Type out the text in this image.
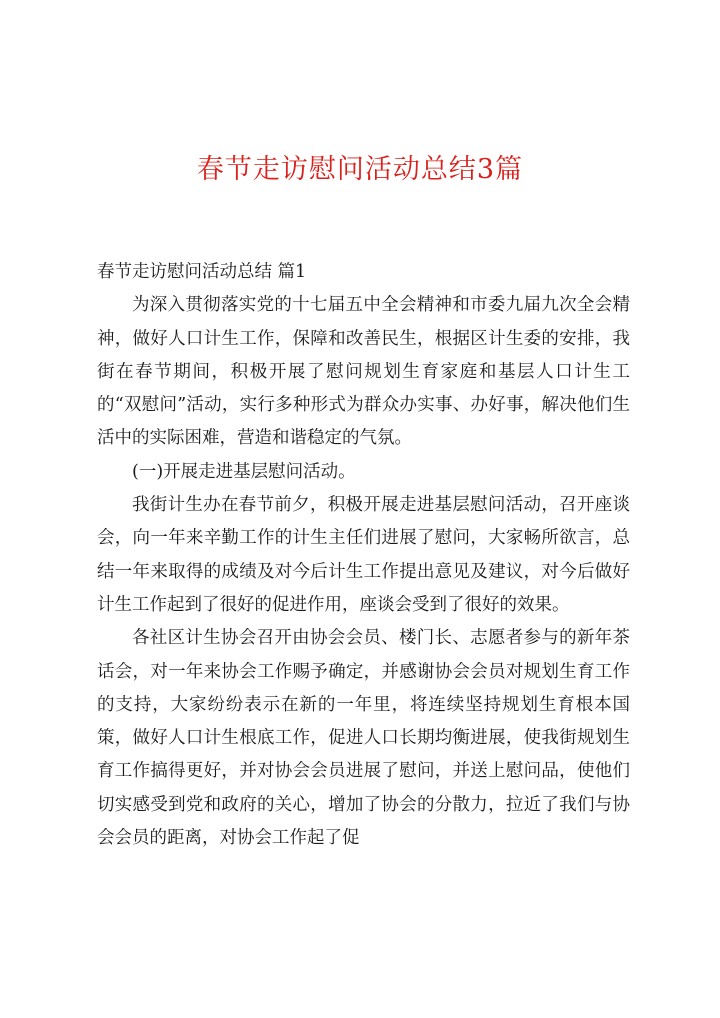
春节走访慰问活动总结3篇

春节走访慰问活动总结 篇1

为深入贯彻落实党的十七届五中全会精神和市委九届九次全会精神，做好人口计生工作，保障和改善民生，根据区计生委的安排，我街在春节期间，积极开展了慰问规划生育家庭和基层人口计生工的“双慰问”活动，实行多种形式为群众办实事、办好事，解决他们生活中的实际困难，营造和谐稳定的气氛。

(一)开展走进基层慰问活动。

我街计生办在春节前夕，积极开展走进基层慰问活动，召开座谈会，向一年来辛勤工作的计生主任们进展了慰问，大家畅所欲言，总结一年来取得的成绩及对今后计生工作提出意见及建议，对今后做好计生工作起到了很好的促进作用，座谈会受到了很好的效果。

各社区计生协会召开由协会会员、楼门长、志愿者参与的新年茶话会，对一年来协会工作赐予确定，并感谢协会会员对规划生育工作的支持，大家纷纷表示在新的一年里，将连续坚持规划生育根本国策，做好人口计生根底工作，促进人口长期均衡进展，使我街规划生育工作搞得更好，并对协会会员进展了慰问，并送上慰问品，使他们切实感受到党和政府的关心，增加了协会的分散力，拉近了我们与协会会员的距离，对协会工作起了促
